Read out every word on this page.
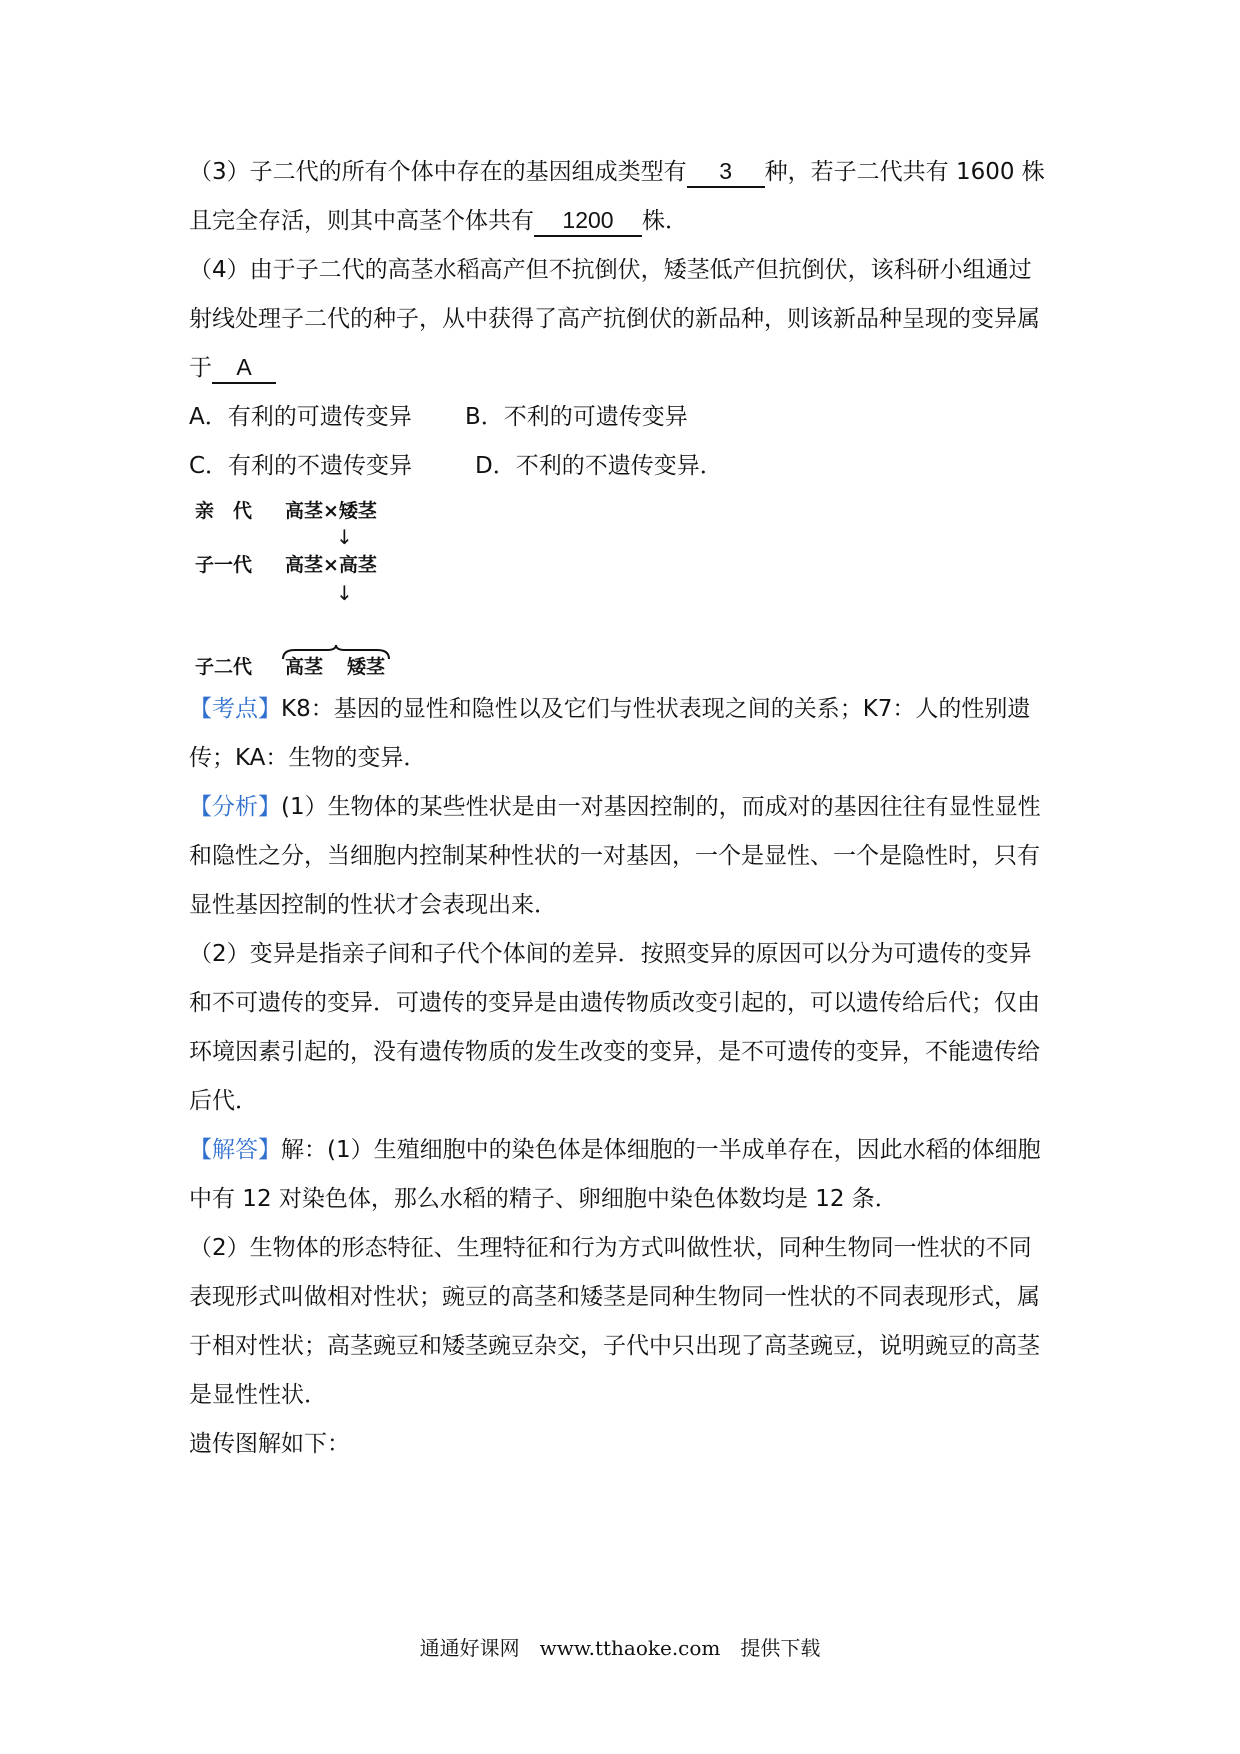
（3）子二代的所有个体中存在的基因组成类型有 3 种，若子二代共有 1600 株且完全存活，则其中高茎个体共有 1200 株．

（4）由于子二代的高茎水稻高产但不抗倒伏，矮茎低产但抗倒伏，该科研小组通过射线处理子二代的种子，从中获得了高产抗倒伏的新品种，则该新品种呈现的变异属于 A

A．有利的可遗传变异	B．不利的可遗传变异
C．有利的不遗传变异	D．不利的不遗传变异．
亲　代 高茎×矮茎
↓
子一代 高茎×高茎
↓
子二代 高茎 矮茎

【考点】K8：基因的显性和隐性以及它们与性状表现之间的关系；K7：人的性别遗传；KA：生物的变异．

【分析】(1）生物体的某些性状是由一对基因控制的，而成对的基因往往有显性显性和隐性之分，当细胞内控制某种性状的一对基因，一个是显性、一个是隐性时，只有显性基因控制的性状才会表现出来．

（2）变异是指亲子间和子代个体间的差异．按照变异的原因可以分为可遗传的变异和不可遗传的变异．可遗传的变异是由遗传物质改变引起的，可以遗传给后代；仅由环境因素引起的，没有遗传物质的发生改变的变异，是不可遗传的变异，不能遗传给后代．

【解答】解：(1）生殖细胞中的染色体是体细胞的一半成单存在，因此水稻的体细胞中有 12 对染色体，那么水稻的精子、卵细胞中染色体数均是 12 条．

（2）生物体的形态特征、生理特征和行为方式叫做性状，同种生物同一性状的不同表现形式叫做相对性状；豌豆的高茎和矮茎是同种生物同一性状的不同表现形式，属于相对性状；高茎豌豆和矮茎豌豆杂交，子代中只出现了高茎豌豆，说明豌豆的高茎是显性性状．

遗传图解如下：

通通好课网　www.tthaoke.com　提供下载
